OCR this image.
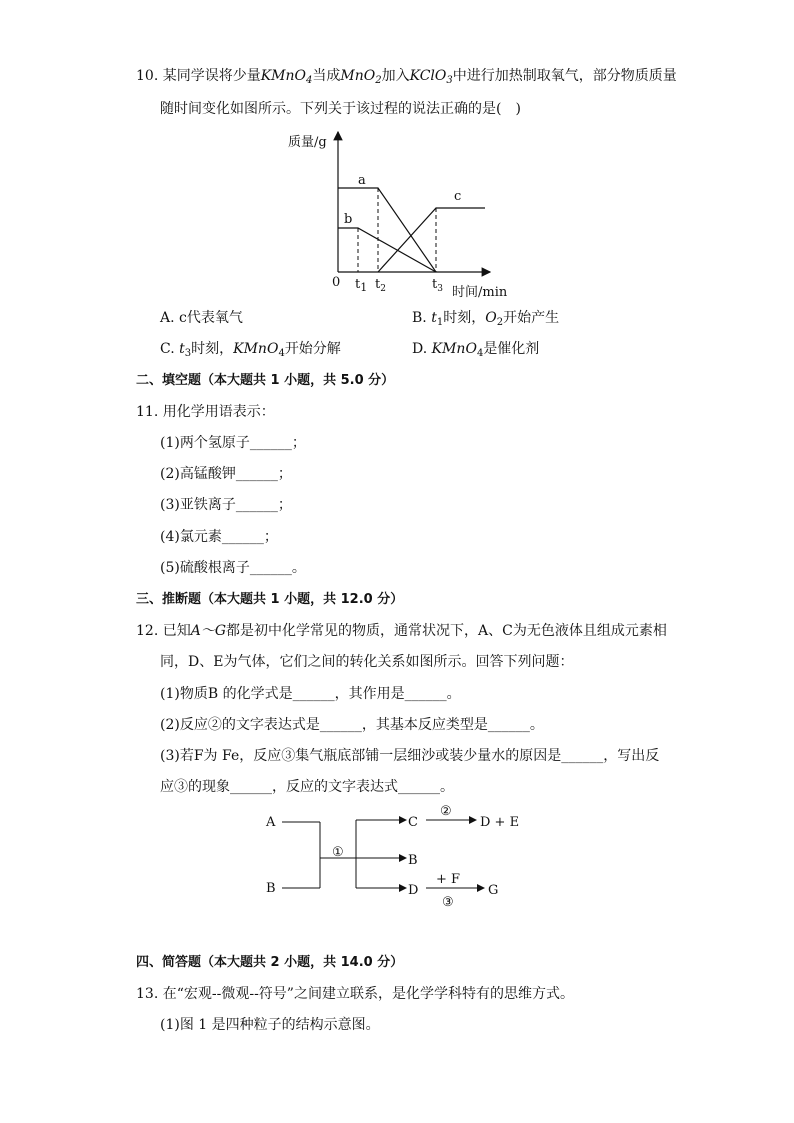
10. 某同学误将少量KMnO$_4$当成MnO$_2$加入KClO$_3$中进行加热制取氧气，部分物质质量
随时间变化如图所示。下列关于该过程的说法正确的是(　)
质量/g
时间/min
0 $t_1$ $t_2$	$t_3$
a
b
c
A. c代表氧气	B. $t_1$时刻，$O_2$开始产生
C. $t_3$时刻，KMnO$_4$开始分解	D. KMnO$_4$是催化剂
二、填空题（本大题共 1 小题，共 5.0 分）
11. 用化学用语表示：
(1)两个氢原子______；
(2)高锰酸钾______；
(3)亚铁离子______；
(4)氯元素______；
(5)硫酸根离子______。
三、推断题（本大题共 1 小题，共 12.0 分）
12. 已知A～G都是初中化学常见的物质，通常状况下，A、C为无色液体且组成元素相
同，D、E为气体，它们之间的转化关系如图所示。回答下列问题：
(1)物质B 的化学式是______，其作用是______。
(2)反应②的文字表达式是______，其基本反应类型是______。
(3)若F为 Fe，反应③集气瓶底部铺一层细沙或装少量水的原因是______，写出反
应③的现象______，反应的文字表达式______。
A
B
①
C
B
D
②
D + E
+ F
③
G
四、简答题（本大题共 2 小题，共 14.0 分）
13. 在“宏观--微观--符号”之间建立联系，是化学学科特有的思维方式。
(1)图 1 是四种粒子的结构示意图。
